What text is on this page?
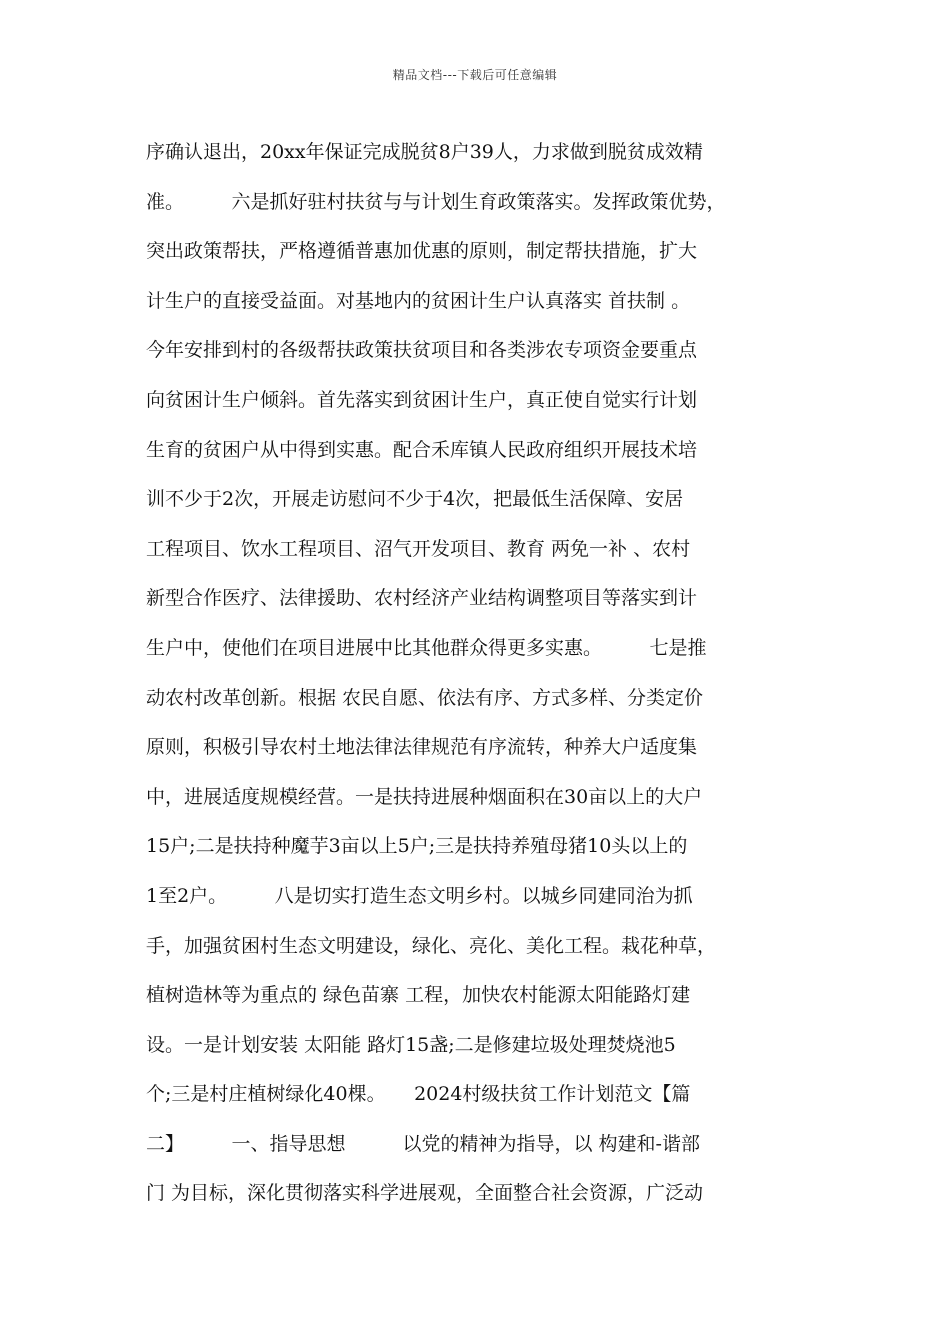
精品文档---下载后可任意编辑
序确认退出，20xx年保证完成脱贫8户39人，力求做到脱贫成效精
准。　　　六是抓好驻村扶贫与与计划生育政策落实。发挥政策优势，
突出政策帮扶，严格遵循普惠加优惠的原则，制定帮扶措施，扩大
计生户的直接受益面。对基地内的贫困计生户认真落实 首扶制 。
今年安排到村的各级帮扶政策扶贫项目和各类涉农专项资金要重点
向贫困计生户倾斜。首先落实到贫困计生户，真正使自觉实行计划
生育的贫困户从中得到实惠。配合禾库镇人民政府组织开展技术培
训不少于2次，开展走访慰问不少于4次，把最低生活保障、安居
工程项目、饮水工程项目、沼气开发项目、教育 两免一补 、农村
新型合作医疗、法律援助、农村经济产业结构调整项目等落实到计
生户中，使他们在项目进展中比其他群众得更多实惠。　　　七是推
动农村改革创新。根据 农民自愿、依法有序、方式多样、分类定价
原则，积极引导农村土地法律法律规范有序流转，种养大户适度集
中，进展适度规模经营。一是扶持进展种烟面积在30亩以上的大户
15户;二是扶持种魔芋3亩以上5户;三是扶持养殖母猪10头以上的
1至2户。　　　八是切实打造生态文明乡村。以城乡同建同治为抓
手，加强贫困村生态文明建设，绿化、亮化、美化工程。栽花种草，
植树造林等为重点的 绿色苗寨 工程，加快农村能源太阳能路灯建
设。一是计划安装 太阳能 路灯15盏;二是修建垃圾处理焚烧池5
个;三是村庄植树绿化40棵。　　2024村级扶贫工作计划范文【篇
二】　　　一、指导思想　　　以党的精神为指导，以 构建和-谐部
门 为目标，深化贯彻落实科学进展观，全面整合社会资源，广泛动
